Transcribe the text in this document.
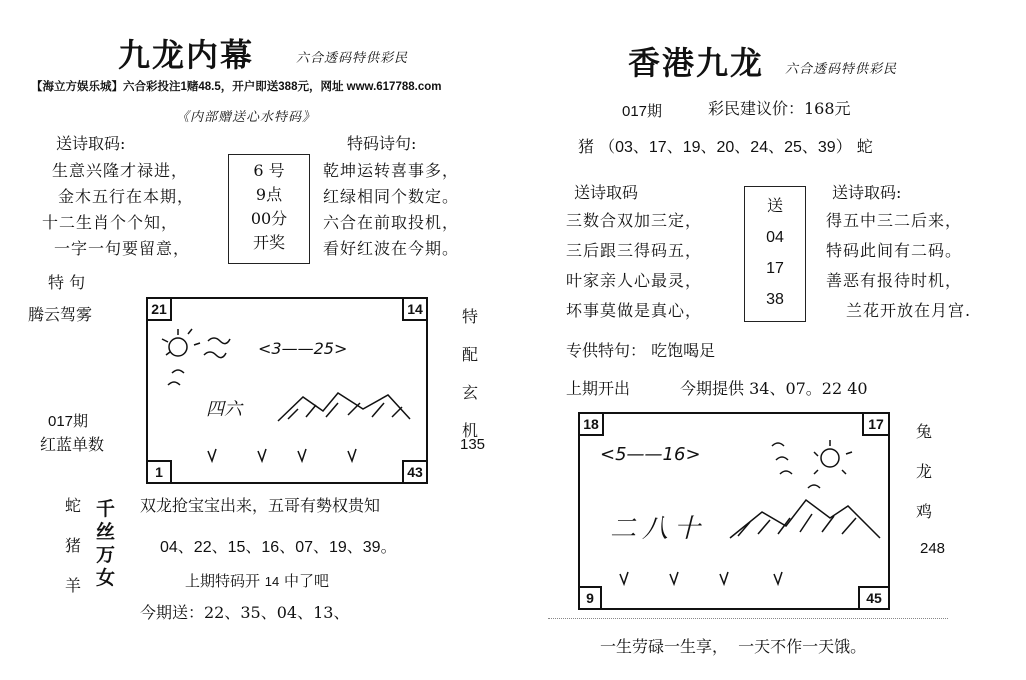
九龙内幕	六合透码特供彩民
【海立方娱乐城】六合彩投注1赌48.5，开户即送388元，网址 www.617788.com
《内部赠送心水特码》
送诗取码:	特码诗句:
生意兴隆才禄进，
金木五行在本期，
十二生肖个个知，
一字一句要留意，
6 号
9点
00分
开奖
乾坤运转喜事多，
红绿相同个数定。
六合在前取投机，
看好红波在今期。
特 句
腾云驾雾
017期
红蓝单数
21	14
1	43
<3——25>
四六
特
配
玄
机
135
蛇
猪
羊
千丝万女
双龙抢宝宝出来，五哥有勢权贵知
04、22、15、16、07、19、39。
上期特码开 14 中了吧
今期送：22、35、04、13、
香港九龙 六合透码特供彩民
017期	彩民建议价：168元
猪 （03、17、19、20、24、25、39） 蛇
送诗取码	送诗取码:
三数合双加三定，
三后跟三得码五，
叶家亲人心最灵，
坏事莫做是真心，
送
04
17
38
得五中三二后来，
特码此间有二码。
善恶有报待时机，
兰花开放在月宫.
专供特句： 吃饱喝足
上期开出	今期提供 34、07。22 40
18	17
9	45
<5——16>
二八十
兔
龙
鸡
248
一生劳碌一生享，  一天不作一天饿。
